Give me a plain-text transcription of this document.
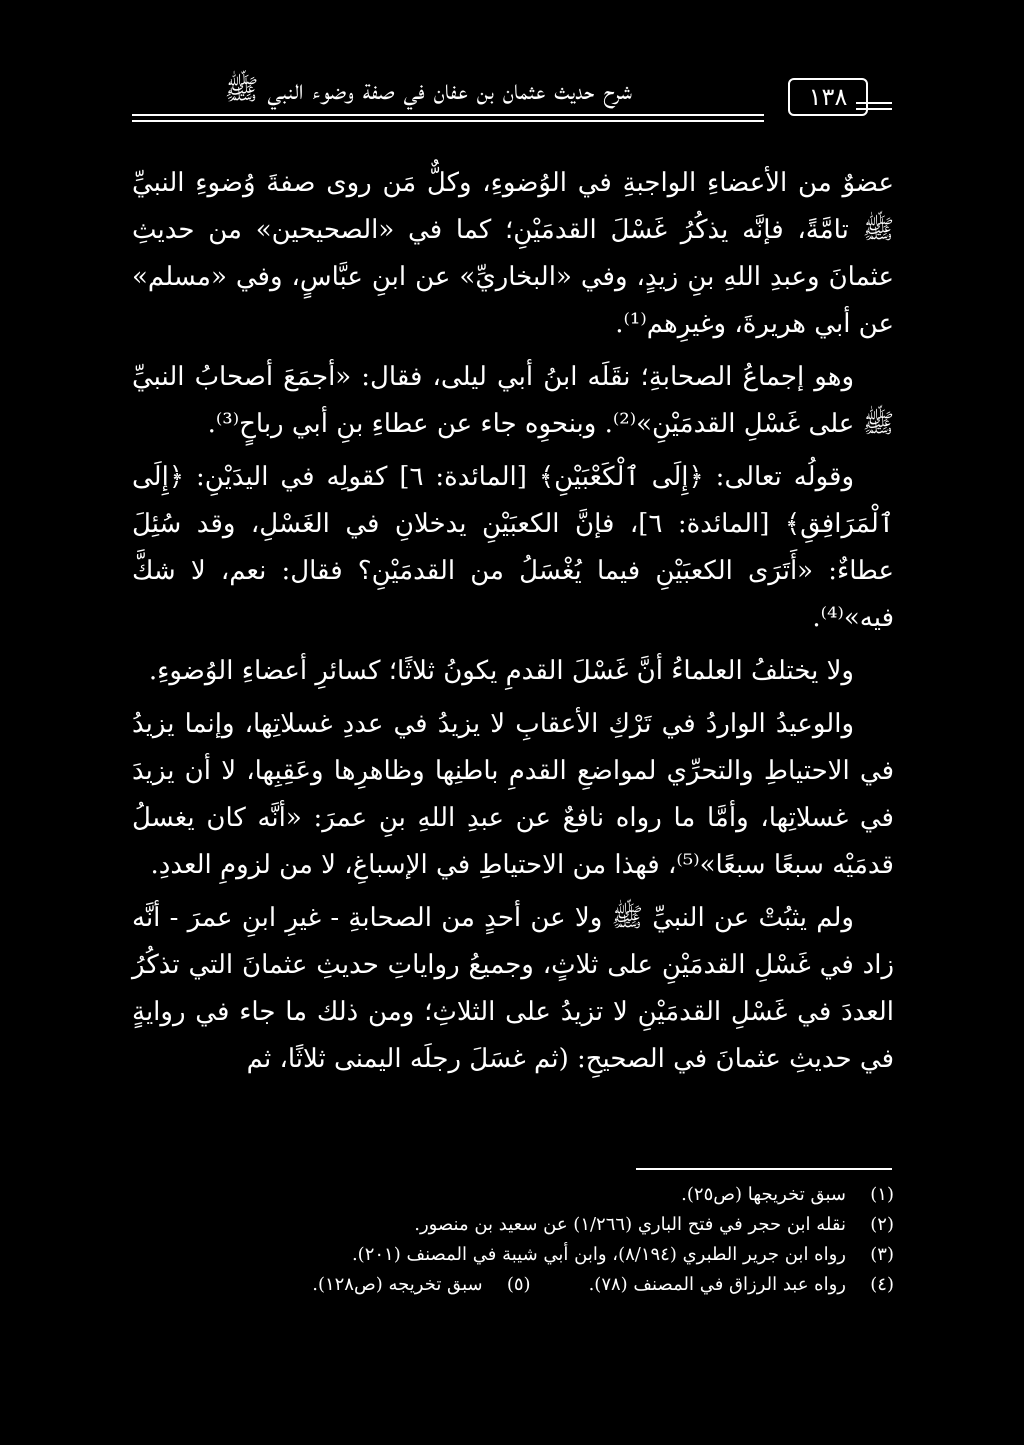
شرح حديث عثمان بن عفان في صفة وضوء النبي ﷺ	١٣٨

عضوٌ من الأعضاءِ الواجبةِ في الوُضوءِ، وكلٌّ مَن روى صفةَ وُضوءِ النبيِّ ﷺ تامَّةً، فإنَّه يذكُرُ غَسْلَ القدمَيْنِ؛ كما في «الصحيحين» من حديثِ عثمانَ وعبدِ اللهِ بنِ زيدٍ، وفي «البخاريِّ» عن ابنِ عبَّاسٍ، وفي «مسلم» عن أبي هريرةَ، وغيرِهم⁽¹⁾.

وهو إجماعُ الصحابةِ؛ نقَلَه ابنُ أبي ليلى، فقال: «أجمَعَ أصحابُ النبيِّ ﷺ على غَسْلِ القدمَيْنِ»⁽²⁾. وبنحوِه جاء عن عطاءِ بنِ أبي رباحٍ⁽³⁾.

وقولُه تعالى: ﴿إِلَى ٱلْكَعْبَيْنِ﴾ [المائدة: ٦] كقولِه في اليدَيْنِ: ﴿إِلَى ٱلْمَرَافِقِ﴾ [المائدة: ٦]، فإنَّ الكعبَيْنِ يدخلانِ في الغَسْلِ، وقد سُئِلَ عطاءٌ: «أَتَرَى الكعبَيْنِ فيما يُغْسَلُ من القدمَيْنِ؟ فقال: نعم، لا شكَّ فيه»⁽⁴⁾.

ولا يختلفُ العلماءُ أنَّ غَسْلَ القدمِ يكونُ ثلاثًا؛ كسائرِ أعضاءِ الوُضوءِ.

والوعيدُ الواردُ في تَرْكِ الأعقابِ لا يزيدُ في عددِ غسلاتِها، وإنما يزيدُ في الاحتياطِ والتحرِّي لمواضعِ القدمِ باطنِها وظاهرِها وعَقِبِها، لا أن يزيدَ في غسلاتِها، وأمَّا ما رواه نافعٌ عن عبدِ اللهِ بنِ عمرَ: «أنَّه كان يغسلُ قدمَيْه سبعًا سبعًا»⁽⁵⁾، فهذا من الاحتياطِ في الإسباغِ، لا من لزومِ العددِ.

ولم يثبُتْ عن النبيِّ ﷺ ولا عن أحدٍ من الصحابةِ - غيرِ ابنِ عمرَ - أنَّه زاد في غَسْلِ القدمَيْنِ على ثلاثٍ، وجميعُ رواياتِ حديثِ عثمانَ التي تذكُرُ العددَ في غَسْلِ القدمَيْنِ لا تزيدُ على الثلاثِ؛ ومن ذلك ما جاء في روايةٍ في حديثِ عثمانَ في الصحيحِ: (ثم غسَلَ رجلَه اليمنى ثلاثًا، ثم

(١)
سبق تخريجها (ص٢٥).
(٢)
نقله ابن حجر في فتح الباري (١/٢٦٦) عن سعيد بن منصور.
(٣)
رواه ابن جرير الطبري (٨/١٩٤)، وابن أبي شيبة في المصنف (٢٠١).
(٤)
رواه عبد الرزاق في المصنف (٧٨).
(٥)
سبق تخريجه (ص١٢٨).
